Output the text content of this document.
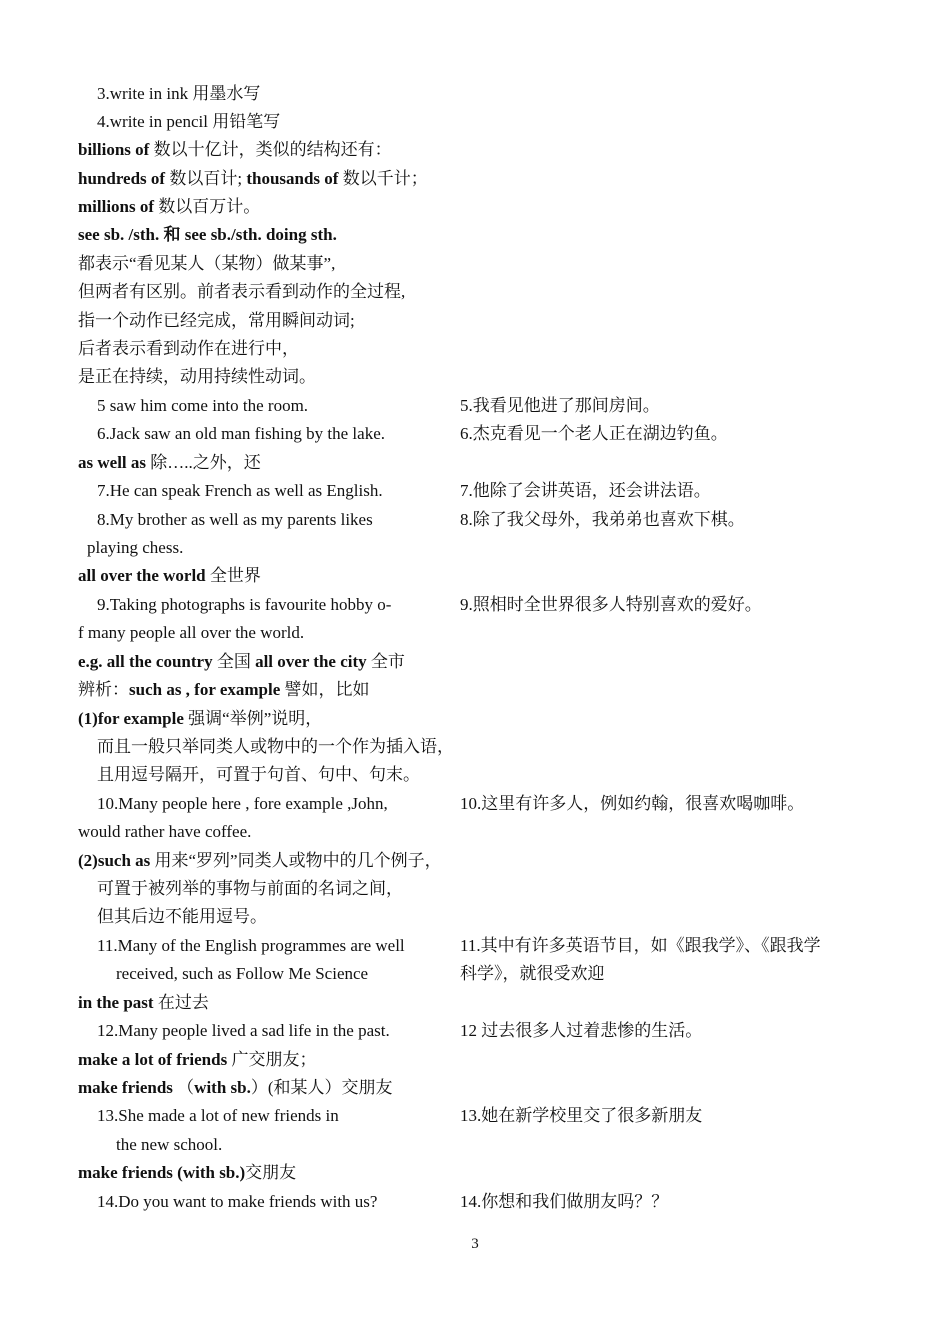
3.write in ink 用墨水写
4.write in pencil 用铅笔写
billions of 数以十亿计，类似的结构还有：
hundreds of 数以百计; thousands of 数以千计；
millions of 数以百万计。
see sb. /sth. 和 see sb./sth. doing sth.
都表示“看见某人（某物）做某事”,
但两者有区别。前者表示看到动作的全过程,
指一个动作已经完成，常用瞬间动词;
后者表示看到动作在进行中，
是正在持续，动用持续性动词。
5 saw him come into the room.	5.我看见他进了那间房间。
6.Jack saw an old man fishing by the lake.	6.杰克看见一个老人正在湖边钓鱼。
as well as 除…..之外，还
7.He can speak French as well as English.	7.他除了会讲英语，还会讲法语。
8.My brother as well as my parents likes	8.除了我父母外，我弟弟也喜欢下棋。
playing chess.
all over the world 全世界
9.Taking photographs is favourite hobby o-	9.照相时全世界很多人特别喜欢的爱好。
f many people all over the world.
e.g. all the country 全国 all over the city 全市
辨析：such as , for example 譬如，比如
(1)for example 强调“举例”说明，
而且一般只举同类人或物中的一个作为插入语，
且用逗号隔开，可置于句首、句中、句末。
10.Many people here , fore example ,John,	10.这里有许多人，例如约翰，很喜欢喝咖啡。
would rather have coffee.
(2)such as 用来“罗列”同类人或物中的几个例子，
可置于被列举的事物与前面的名词之间，
但其后边不能用逗号。
11.Many of the English programmes are well	11.其中有许多英语节目，如《跟我学》、《跟我学
received, such as Follow Me Science	科学》，就很受欢迎
in the past 在过去
12.Many people lived a sad life in the past.	12 过去很多人过着悲惨的生活。
make a lot of friends 广交朋友；
make friends （with sb.）(和某人）交朋友
13.She made a lot of new friends in	13.她在新学校里交了很多新朋友
the new school.
make friends (with sb.)交朋友
14.Do you want to make friends with us?	14.你想和我们做朋友吗？？
3
